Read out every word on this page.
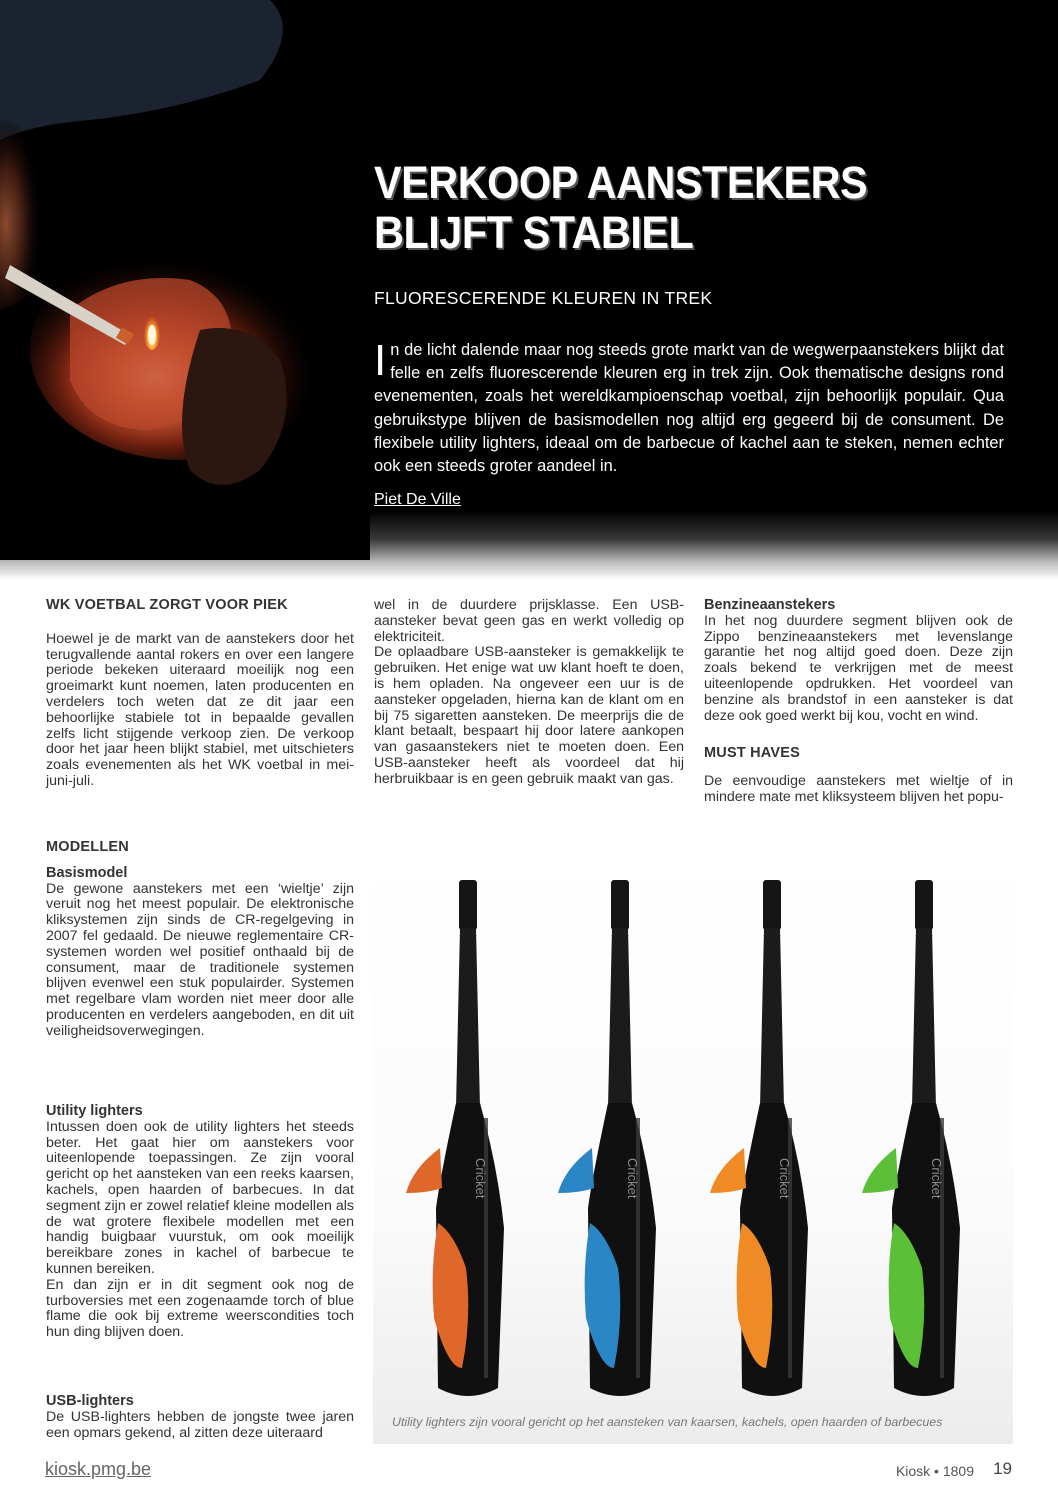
VERKOOP AANSTEKERS
BLIJFT STABIEL
FLUORESCERENDE KLEUREN IN TREK

In de licht dalende maar nog steeds grote markt van de wegwerpaanstekers blijkt dat felle en zelfs fluorescerende kleuren erg in trek zijn. Ook thematische designs rond evenementen, zoals het wereldkampioenschap voetbal, zijn behoorlijk populair. Qua gebruikstype blijven de basismodellen nog altijd erg gegeerd bij de consument. De flexibele utility lighters, ideaal om de barbecue of kachel aan te steken, nemen echter ook een steeds groter aandeel in.

Piet De Ville
WK VOETBAL ZORGT VOOR PIEK

Hoewel je de markt van de aanstekers door het terugvallende aantal rokers en over een langere periode bekeken uiteraard moeilijk nog een groeimarkt kunt noemen, laten producenten en verdelers toch weten dat ze dit jaar een behoorlijke stabiele tot in bepaalde gevallen zelfs licht stijgende verkoop zien. De verkoop door het jaar heen blijkt stabiel, met uitschieters zoals evenementen als het WK voetbal in mei-juni-juli.

MODELLEN
Basismodel

De gewone aanstekers met een ‘wieltje’ zijn veruit nog het meest populair. De elektronische kliksystemen zijn sinds de CR-regelgeving in 2007 fel gedaald. De nieuwe reglementaire CR-systemen worden wel positief onthaald bij de consument, maar de traditionele systemen blijven evenwel een stuk populairder. Systemen met regelbare vlam worden niet meer door alle producenten en verdelers aangeboden, en dit uit veiligheidsoverwegingen.

Utility lighters

Intussen doen ook de utility lighters het steeds beter. Het gaat hier om aanstekers voor uiteenlopende toepassingen. Ze zijn vooral gericht op het aansteken van een reeks kaarsen, kachels, open haarden of barbecues. In dat segment zijn er zowel relatief kleine modellen als de wat grotere flexibele modellen met een handig buigbaar vuurstuk, om ook moeilijk bereikbare zones in kachel of barbecue te kunnen bereiken.

En dan zijn er in dit segment ook nog de turboversies met een zogenaamde torch of blue flame die ook bij extreme weerscondities toch hun ding blijven doen.

USB-lighters

De USB-lighters hebben de jongste twee jaren een opmars gekend, al zitten deze uiteraard

wel in de duurdere prijsklasse. Een USB-aansteker bevat geen gas en werkt volledig op elektriciteit.

De oplaadbare USB-aansteker is gemakkelijk te gebruiken. Het enige wat uw klant hoeft te doen, is hem opladen. Na ongeveer een uur is de aansteker opgeladen, hierna kan de klant om en bij 75 sigaretten aansteken. De meerprijs die de klant betaalt, bespaart hij door latere aankopen van gasaanstekers niet te moeten doen. Een USB-aansteker heeft als voordeel dat hij herbruikbaar is en geen gebruik maakt van gas.

Benzineaanstekers

In het nog duurdere segment blijven ook de Zippo benzineaanstekers met levenslange garantie het nog altijd goed doen. Deze zijn zoals bekend te verkrijgen met de meest uiteenlopende opdrukken. Het voordeel van benzine als brandstof in een aansteker is dat deze ook goed werkt bij kou, vocht en wind.

MUST HAVES

De eenvoudige aanstekers met wieltje of in mindere mate met kliksysteem blijven het popu-

Cricket	Cricket	Cricket	Cricket
Utility lighters zijn vooral gericht op het aansteken van kaarsen, kachels, open haarden of barbecues
kiosk.pmg.be	Kiosk • 1809 19
